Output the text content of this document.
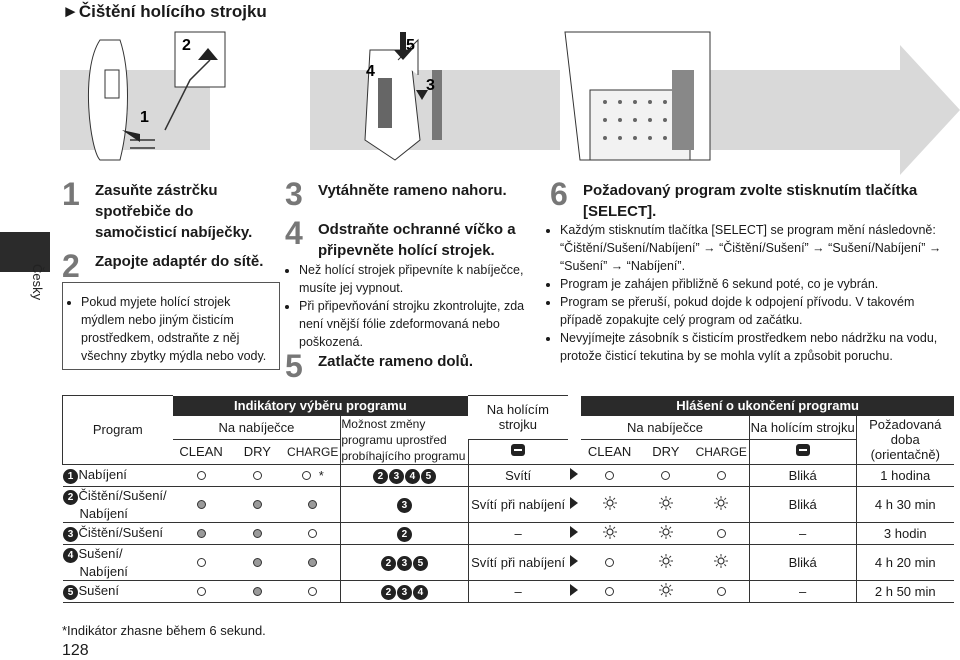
►Čištění holícího strojku
1
2	5
4
3
Česky
1 Zasuňte zástrčku spotřebiče do samočisticí nabíječky.
2 Zapojte adaptér do sítě.
• Pokud myjete holící strojek mýdlem nebo jiným čisticím prostředkem, odstraňte z něj všechny zbytky mýdla nebo vody.
3 Vytáhněte rameno nahoru.
4 Odstraňte ochranné víčko a připevněte holící strojek.
• Než holící strojek připevníte k nabíječce, musíte jej vypnout.
• Při připevňování strojku zkontrolujte, zda není vnější fólie zdeformovaná nebo poškozená.
5 Zatlačte rameno dolů.
6 Požadovaný program zvolte stisknutím tlačítka [SELECT].
• Každým stisknutím tlačítka [SELECT] se program mění následovně: “Čištění/Sušení/Nabíjení” → “Čištění/Sušení” → “Sušení/Nabíjení” → “Sušení” → “Nabíjení”.
• Program je zahájen přibližně 6 sekund poté, co je vybrán.
• Program se přeruší, pokud dojde k odpojení přívodu. V takovém případě zopakujte celý program od začátku.
• Nevyjímejte zásobník s čisticím prostředkem nebo nádržku na vodu, protože čisticí tekutina by se mohla vylít a způsobit poruchu.
Program	Indikátory výběru programu				Na holícím strojku		Hlášení o ukončení programu				
	Na nabíječce			Možnost změny programu uprostřed probíhajícího programu			Na nabíječce			Na holícím strojku	Požadovaná doba (orientačně)
	CLEAN	DRY	CHARGE				CLEAN	DRY	CHARGE	
1 Nabíjení			*	2 3 4 5	Svítí					Bliká	1 hodina
2 Čištění/Sušení/
Nabíjení				3	Svítí při nabíjení					Bliká	4 h 30 min
3 Čištění/Sušení				2	–					–	3 hodin
4 Sušení/
Nabíjení				2 3 5	Svítí při nabíjení					Bliká	4 h 20 min
5 Sušení				2 3 4	–					–	2 h 50 min
*Indikátor zhasne během 6 sekund.
128
